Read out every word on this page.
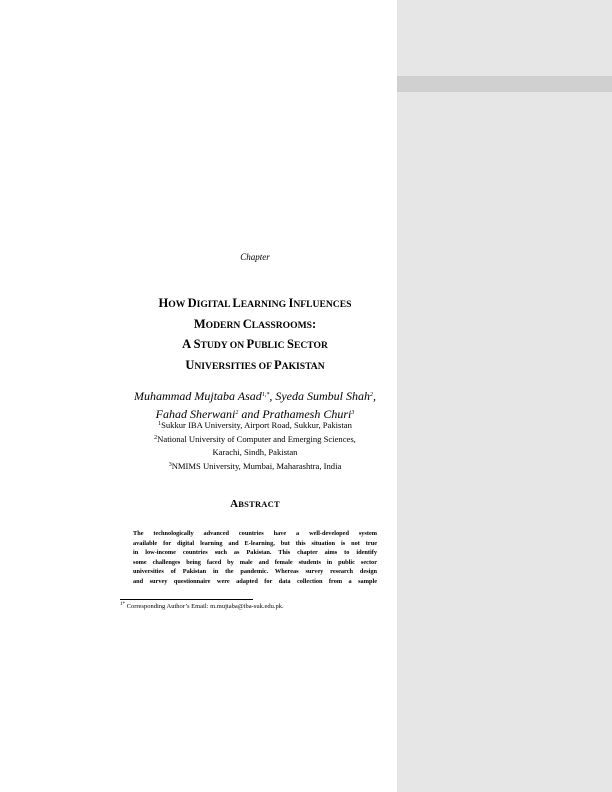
Chapter
HOW DIGITAL LEARNING INFLUENCES
MODERN CLASSROOMS:
A STUDY ON PUBLIC SECTOR
UNIVERSITIES OF PAKISTAN
Muhammad Mujtaba Asad$^{1,*}$, Syeda Sumbul Shah$^2$,
Fahad Sherwani$^2$ and Prathamesh Churi$^3$
$^1$Sukkur IBA University, Airport Road, Sukkur, Pakistan
$^2$National University of Computer and Emerging Sciences,
Karachi, Sindh, Pakistan
$^3$NMIMS University, Mumbai, Maharashtra, India
ABSTRACT
The technologically advanced countries have a well-developed system
available for digital learning and E-learning, but this situation is not true
in low-income countries such as Pakistan. This chapter aims to identify
some challenges being faced by male and female students in public sector
universities of Pakistan in the pandemic. Whereas survey research design
and survey questionnaire were adapted for data collection from a sample
$^{1*}$ Corresponding Author’s Email: m.mujtaba@iba-suk.edu.pk.
